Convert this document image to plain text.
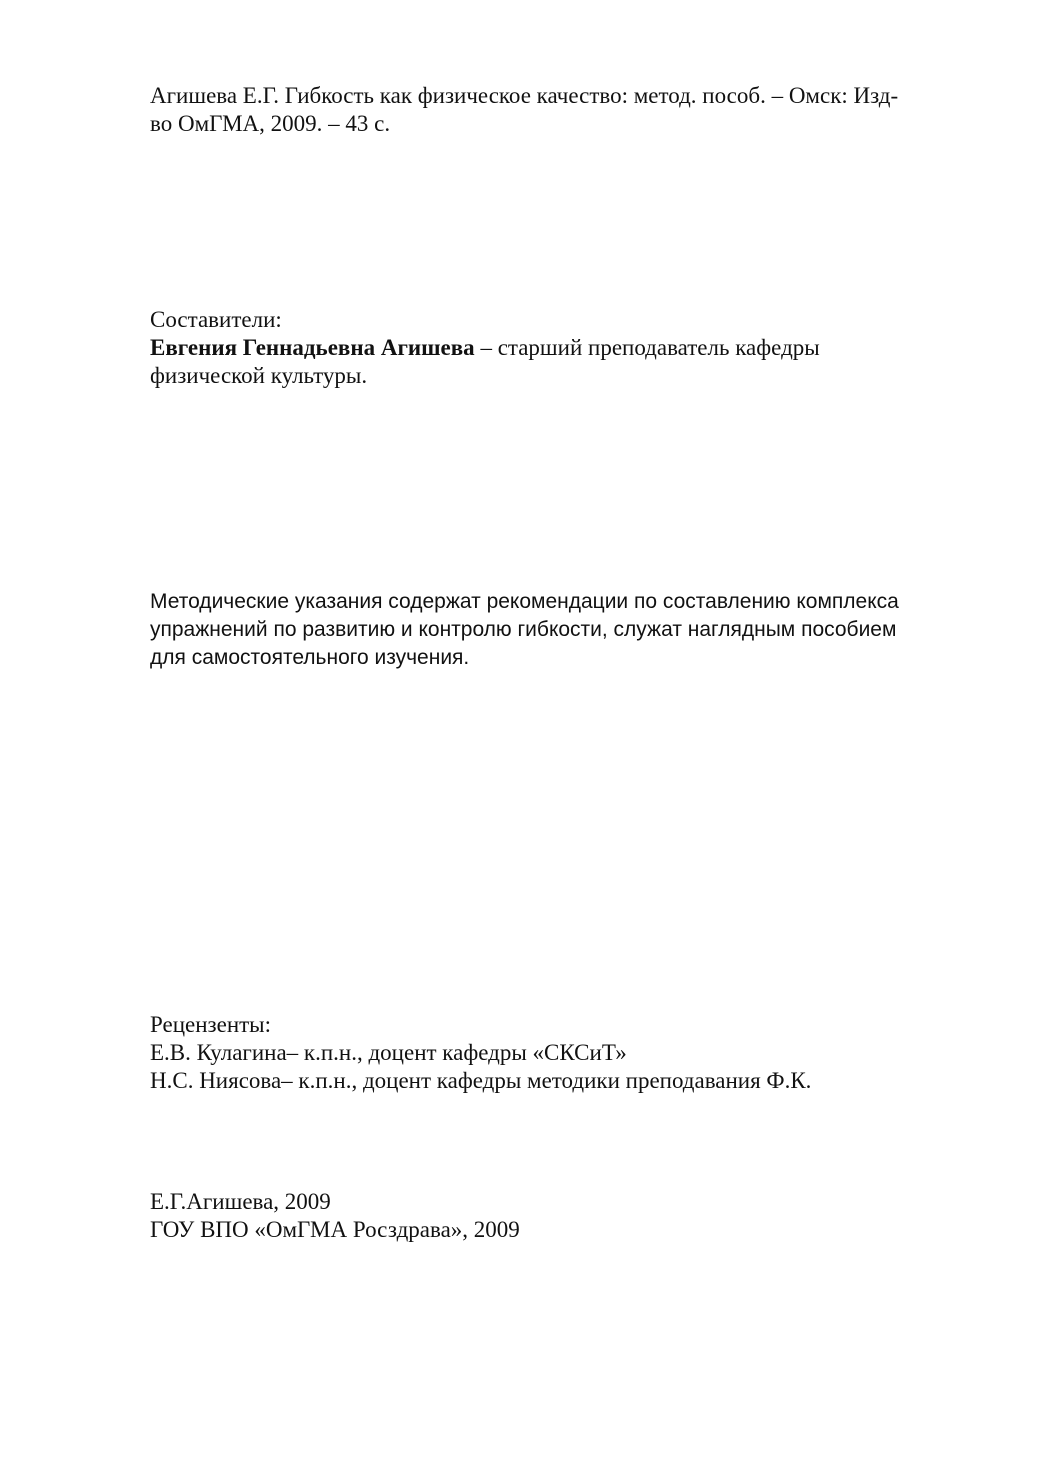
Агишева Е.Г. Гибкость как физическое качество: метод. пособ. – Омск: Изд-
во ОмГМА, 2009. – 43 с.
Составители:
Евгения Геннадьевна Агишева – старший преподаватель кафедры
физической культуры.
Методические указания содержат рекомендации по составлению комплекса
упражнений по развитию и контролю гибкости, служат наглядным пособием
для самостоятельного изучения.
Рецензенты:
Е.В. Кулагина– к.п.н., доцент кафедры «СКСиТ»
Н.С. Ниясова– к.п.н., доцент кафедры методики преподавания Ф.К.
Е.Г.Агишева, 2009
ГОУ ВПО «ОмГМА Росздрава», 2009
